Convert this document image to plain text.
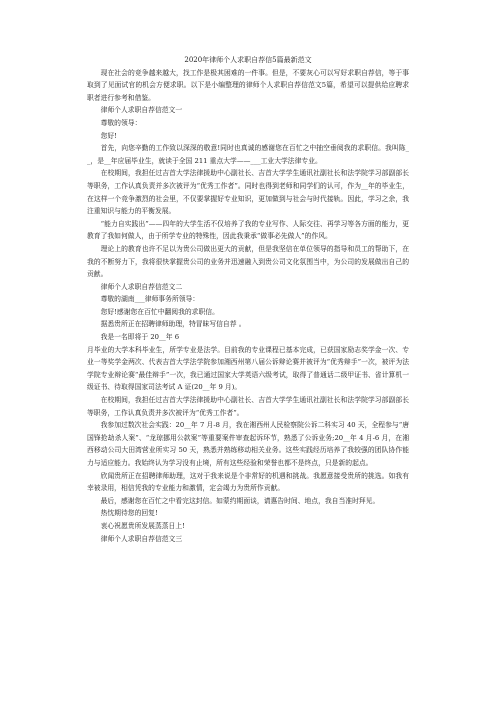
2020年律师个人求职自荐信5篇最新范文

现在社会的竞争越来越大，找工作是极其困难的一件事。但是，不要灰心可以写好求职自荐信，等于事取到了见面试官的机会方便求职。以下是小编整理的律师个人求职自荐信范文5篇，希望可以提供给应聘求职者进行参考和借鉴。

律师个人求职自荐信范文一

尊敬的领导：

您好!

首先，向您辛勤的工作致以深深的敬意!同时也真诚的感谢您在百忙之中抽空垂阅我的求职信。我叫陈__，是__年应届毕业生，就读于全国 211 重点大学——___工业大学法律专业。

在校期间，我担任过吉首大学法律援助中心副社长、吉首大学学生通讯社副社长和法学院学习部副部长等职务，工作认真负责并多次被评为“优秀工作者”。同时也得到老师和同学们的认可，作为__年的毕业生，在这样一个竞争激烈的社会里，不仅要掌握好专业知识，更加做到与社会与时代接轨。因此，学习之余，我注重知识与能力的平衡发展。

“能力自实践出”——四年的大学生活不仅培养了我的专业写作、人际交往、再学习等各方面的能力，更教育了我如何做人，由于所学专业的特殊性，因此我秉承“做事必先做人”的作风。

理论上的教育也许不足以为贵公司做出更大的贡献，但是我坚信在单位领导的指导和员工的帮助下，在我的不断努力下，我将很快掌握贵公司的业务并迅速融入到贵公司文化氛围当中，为公司的发展做出自己的贡献。

律师个人求职自荐信范文二

尊敬的湖南___律师事务所领导：

您好!感谢您在百忙中翻阅我的求职信。

据悉贵所正在招聘律师助理，特冒昧写信自荐 。

我是一名即将于 20__年 6

月毕业的大学本科毕业生，所学专业是法学。目前我的专业课程已基本完成，已获国家励志奖学金一次、专业一等奖学金两次、代表吉首大学法学院参加湘西州第八届公诉辩论赛并被评为“优秀辩手”一次，被评为法学院专业辩论赛“最佳辩手”一次，我已通过国家大学英语六级考试，取得了普通话二级甲证书、省计算机一级证书、待取得国家司法考试 A 证(20__年 9 月)。

在校期间，我担任过吉首大学法律援助中心副社长、吉首大学学生通讯社副社长和法学院学习部副部长等职务，工作认真负责并多次被评为“优秀工作者”。

我参加过数次社会实践：20__年 7 月-8 月，我在湘西州人民检察院公诉二科实习 40 天，全程参与“唐国锋抢劫杀人案”、“龙琼挪用公款案”等重要案件审查起诉环节，熟悉了公诉业务;20__年 4 月-6 月，在湘西移动公司大田湾营业所实习 50 天，熟悉并熟练移动相关业务。这些实践经历培养了我较强的团队协作能力与适应能力。我始终认为学习没有止境，所有这些经验和荣誉也都不是终点，只是新的起点。

欣闻贵所正在招聘律师助理，这对于我来说是个非常好的机遇和挑战。我愿意接受贵所的挑选。如我有幸被录用，相信凭我的专业能力和激情，定会竭力为贵所作贡献。

最后，感谢您在百忙之中看完这封信。如蒙约期面谈，请惠告时间、地点，我自当准时拜见。

热忱期待您的回复!

衷心祝愿贵所发展蒸蒸日上!

律师个人求职自荐信范文三
